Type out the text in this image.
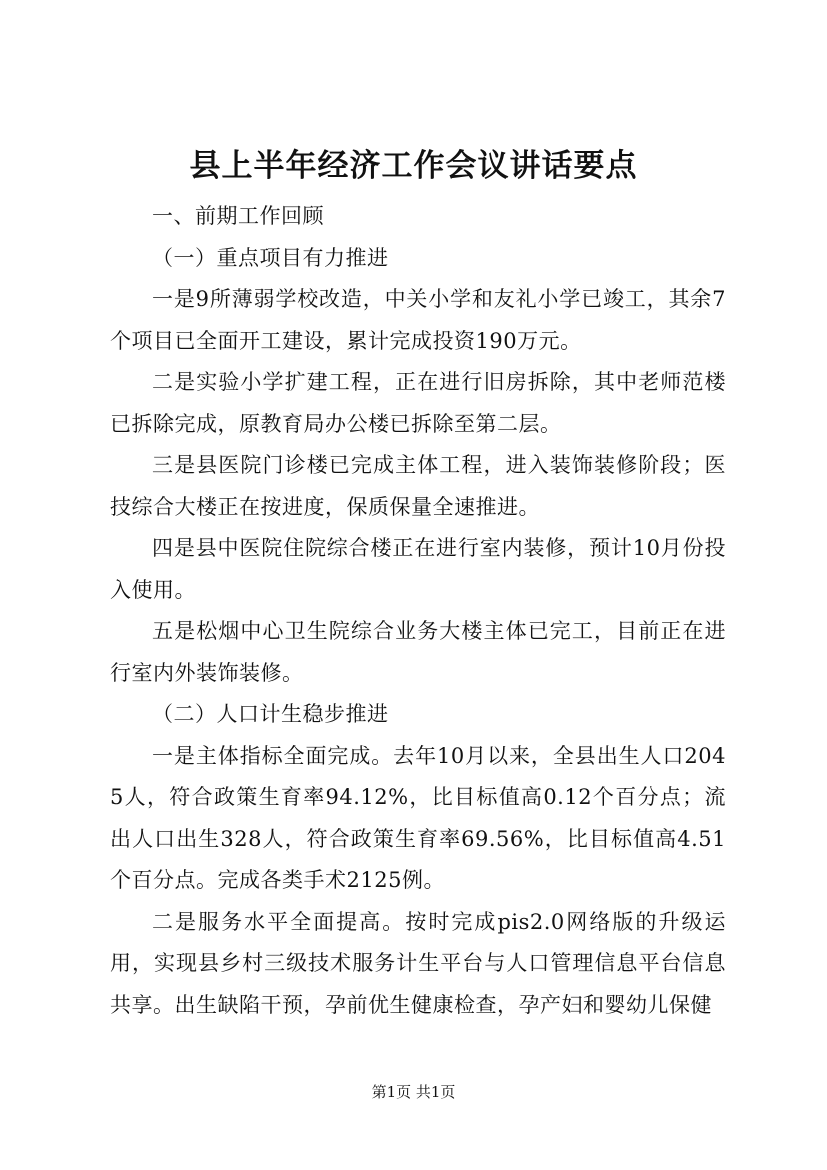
县上半年经济工作会议讲话要点

一、前期工作回顾

（一）重点项目有力推进

一是9所薄弱学校改造，中关小学和友礼小学已竣工，其余7个项目已全面开工建设，累计完成投资190万元。

二是实验小学扩建工程，正在进行旧房拆除，其中老师范楼已拆除完成，原教育局办公楼已拆除至第二层。

三是县医院门诊楼已完成主体工程，进入装饰装修阶段；医技综合大楼正在按进度，保质保量全速推进。

四是县中医院住院综合楼正在进行室内装修，预计10月份投入使用。

五是松烟中心卫生院综合业务大楼主体已完工，目前正在进行室内外装饰装修。

（二）人口计生稳步推进

一是主体指标全面完成。去年10月以来，全县出生人口2045人，符合政策生育率94.12%，比目标值高0.12个百分点；流出人口出生328人，符合政策生育率69.56%，比目标值高4.51个百分点。完成各类手术2125例。

二是服务水平全面提高。按时完成pis2.0网络版的升级运用，实现县乡村三级技术服务计生平台与人口管理信息平台信息共享。出生缺陷干预，孕前优生健康检查，孕产妇和婴幼儿保健

第1页 共1页
